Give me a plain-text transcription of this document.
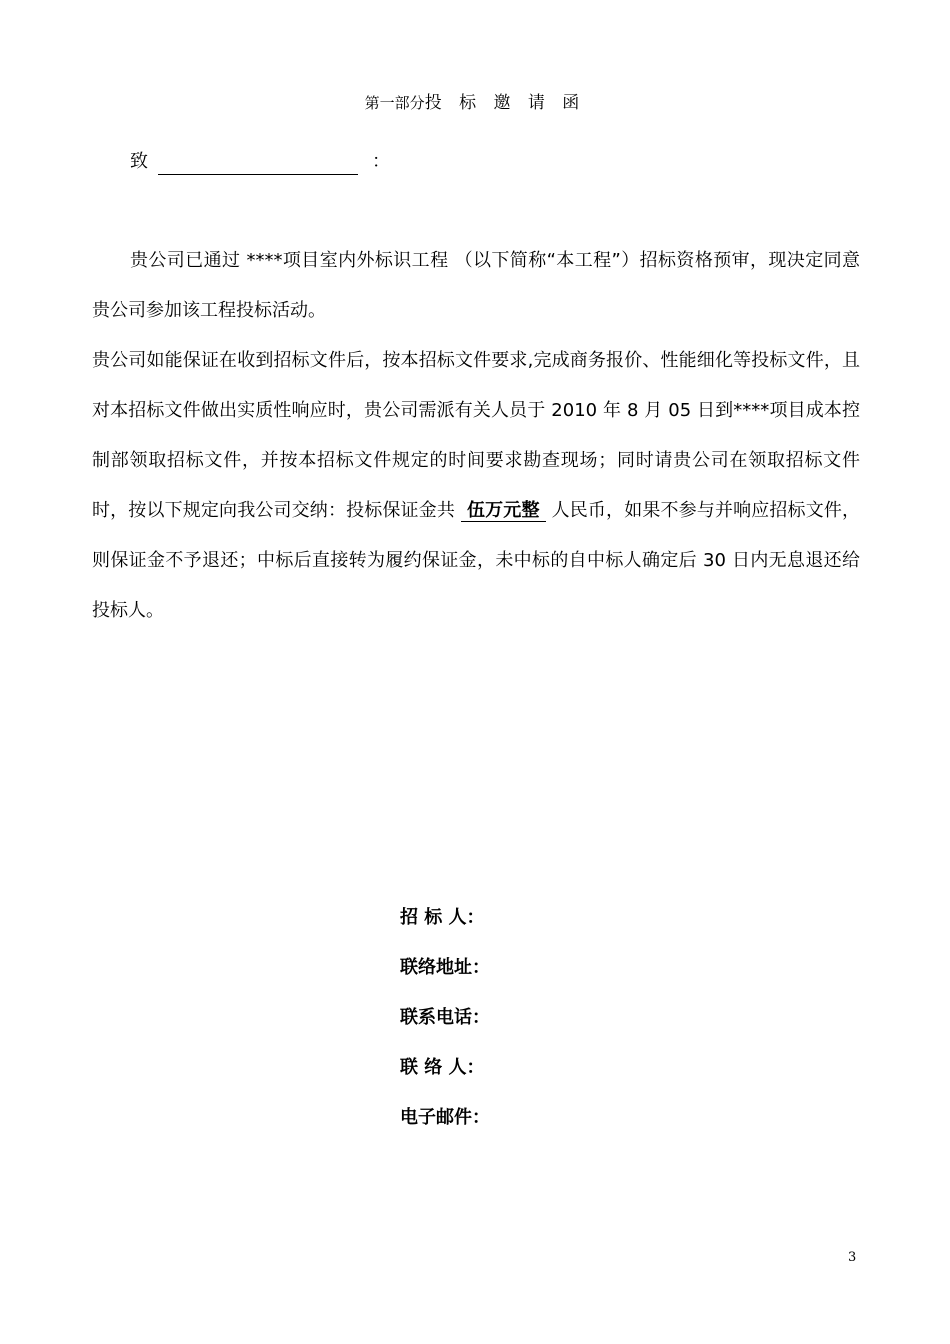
第一部分投 标 邀 请 函
致	：

贵公司已通过 ****项目室内外标识工程 （以下简称“本工程”）招标资格预审，现决定同意贵公司参加该工程投标活动。

贵公司如能保证在收到招标文件后，按本招标文件要求,完成商务报价、性能细化等投标文件，且对本招标文件做出实质性响应时，贵公司需派有关人员于 2010 年 8 月 05 日到****项目成本控制部领取招标文件，并按本招标文件规定的时间要求勘查现场；同时请贵公司在领取招标文件时，按以下规定向我公司交纳：投标保证金共 伍万元整 人民币，如果不参与并响应招标文件，则保证金不予退还；中标后直接转为履约保证金，未中标的自中标人确定后 30 日内无息退还给投标人。

招 标 人：
联络地址：
联系电话：
联 络 人：
电子邮件：
3
